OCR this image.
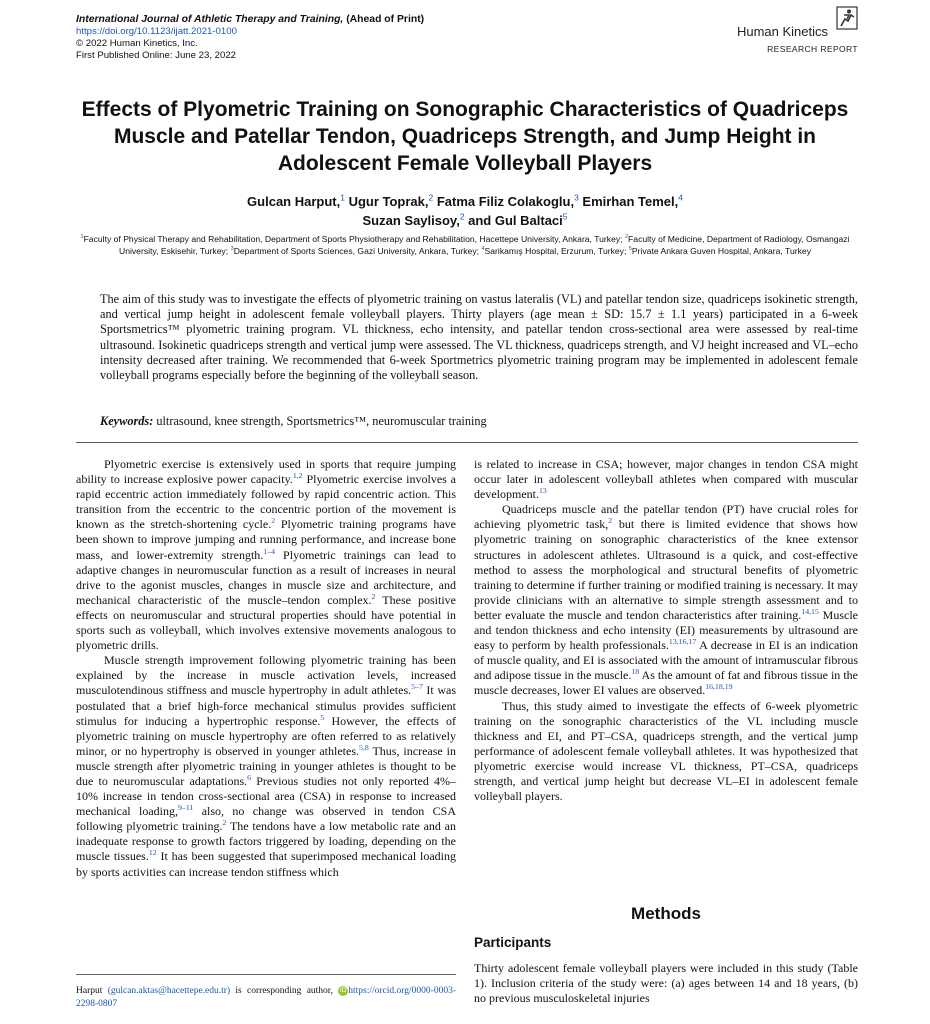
International Journal of Athletic Therapy and Training, (Ahead of Print)
https://doi.org/10.1123/ijatt.2021-0100
© 2022 Human Kinetics, Inc.
First Published Online: June 23, 2022
Human Kinetics
RESEARCH REPORT
Effects of Plyometric Training on Sonographic Characteristics of Quadriceps Muscle and Patellar Tendon, Quadriceps Strength, and Jump Height in Adolescent Female Volleyball Players
Gulcan Harput,$^1$ Ugur Toprak,$^2$ Fatma Filiz Colakoglu,$^3$ Emirhan Temel,$^4$
Suzan Saylisoy,$^2$ and Gul Baltaci$^5$
$^1$Faculty of Physical Therapy and Rehabilitation, Department of Sports Physiotherapy and Rehabilitation, Hacettepe University, Ankara, Turkey; $^2$Faculty of Medicine, Department of Radiology, Osmangazi University, Eskisehir, Turkey; $^3$Department of Sports Sciences, Gazi University, Ankara, Turkey; $^4$Sarikamış Hospital, Erzurum, Turkey; $^5$Private Ankara Guven Hospital, Ankara, Turkey
The aim of this study was to investigate the effects of plyometric training on vastus lateralis (VL) and patellar tendon size, quadriceps isokinetic strength, and vertical jump height in adolescent female volleyball players. Thirty players (age mean ± SD: 15.7 ± 1.1 years) participated in a 6-week Sportsmetrics™ plyometric training program. VL thickness, echo intensity, and patellar tendon cross-sectional area were assessed by real-time ultrasound. Isokinetic quadriceps strength and vertical jump were assessed. The VL thickness, quadriceps strength, and VJ height increased and VL–echo intensity decreased after training. We recommended that 6-week Sportmetrics plyometric training program may be implemented in adolescent female volleyball programs especially before the beginning of the volleyball season.
Keywords: ultrasound, knee strength, Sportsmetrics™, neuromuscular training

Plyometric exercise is extensively used in sports that require jumping ability to increase explosive power capacity.$^{1,2}$ Plyometric exercise involves a rapid eccentric action immediately followed by rapid concentric action. This transition from the eccentric to the concentric portion of the movement is known as the stretch-shortening cycle.$^2$ Plyometric training programs have been shown to improve jumping and running performance, and increase bone mass, and lower-extremity strength.$^{1-4}$ Plyometric trainings can lead to adaptive changes in neuromuscular function as a result of increases in neural drive to the agonist muscles, changes in muscle size and architecture, and mechanical characteristic of the muscle–tendon complex.$^2$ These positive effects on neuromuscular and structural properties should have potential in sports such as volleyball, which involves extensive movements analogous to plyometric drills.

Muscle strength improvement following plyometric training has been explained by the increase in muscle activation levels, increased musculotendinous stiffness and muscle hypertrophy in adult athletes.$^{5-7}$ It was postulated that a brief high-force mechanical stimulus provides sufficient stimulus for inducing a hypertrophic response.$^5$ However, the effects of plyometric training on muscle hypertrophy are often referred to as relatively minor, or no hypertrophy is observed in younger athletes.$^{5,8}$ Thus, increase in muscle strength after plyometric training in younger athletes is thought to be due to neuromuscular adaptations.$^6$ Previous studies not only reported 4%–10% increase in tendon cross-sectional area (CSA) in response to increased mechanical loading,$^{9-11}$ also, no change was observed in tendon CSA following plyometric training.$^2$ The tendons have a low metabolic rate and an inadequate response to growth factors triggered by loading, depending on the muscle tissues.$^{12}$ It has been suggested that superimposed mechanical loading by sports activities can increase tendon stiffness which

is related to increase in CSA; however, major changes in tendon CSA might occur later in adolescent volleyball athletes when compared with muscular development.$^{13}$

Quadriceps muscle and the patellar tendon (PT) have crucial roles for achieving plyometric task,$^2$ but there is limited evidence that shows how plyometric training on sonographic characteristics of the knee extensor structures in adolescent athletes. Ultrasound is a quick, and cost-effective method to assess the morphological and structural benefits of plyometric training to determine if further training or modified training is necessary. It may provide clinicians with an alternative to simple strength assessment and to better evaluate the muscle and tendon characteristics after training.$^{14,15}$ Muscle and tendon thickness and echo intensity (EI) measurements by ultrasound are easy to perform by health professionals.$^{13,16,17}$ A decrease in EI is an indication of muscle quality, and EI is associated with the amount of intramuscular fibrous and adipose tissue in the muscle.$^{18}$ As the amount of fat and fibrous tissue in the muscle decreases, lower EI values are observed.$^{16,18,19}$

Thus, this study aimed to investigate the effects of 6-week plyometric training on the sonographic characteristics of the VL including muscle thickness and EI, and PT–CSA, quadriceps strength, and the vertical jump performance of adolescent female volleyball athletes. It was hypothesized that plyometric exercise would increase VL thickness, PT–CSA, quadriceps strength, and vertical jump height but decrease VL–EI in adolescent female volleyball players.

Methods
Participants

Thirty adolescent female volleyball players were included in this study (Table 1). Inclusion criteria of the study were: (a) ages between 14 and 18 years, (b) no previous musculoskeletal injuries

Harput (gulcan.aktas@hacettepe.edu.tr) is corresponding author, iD https://orcid.org/0000-0003-2298-0807
